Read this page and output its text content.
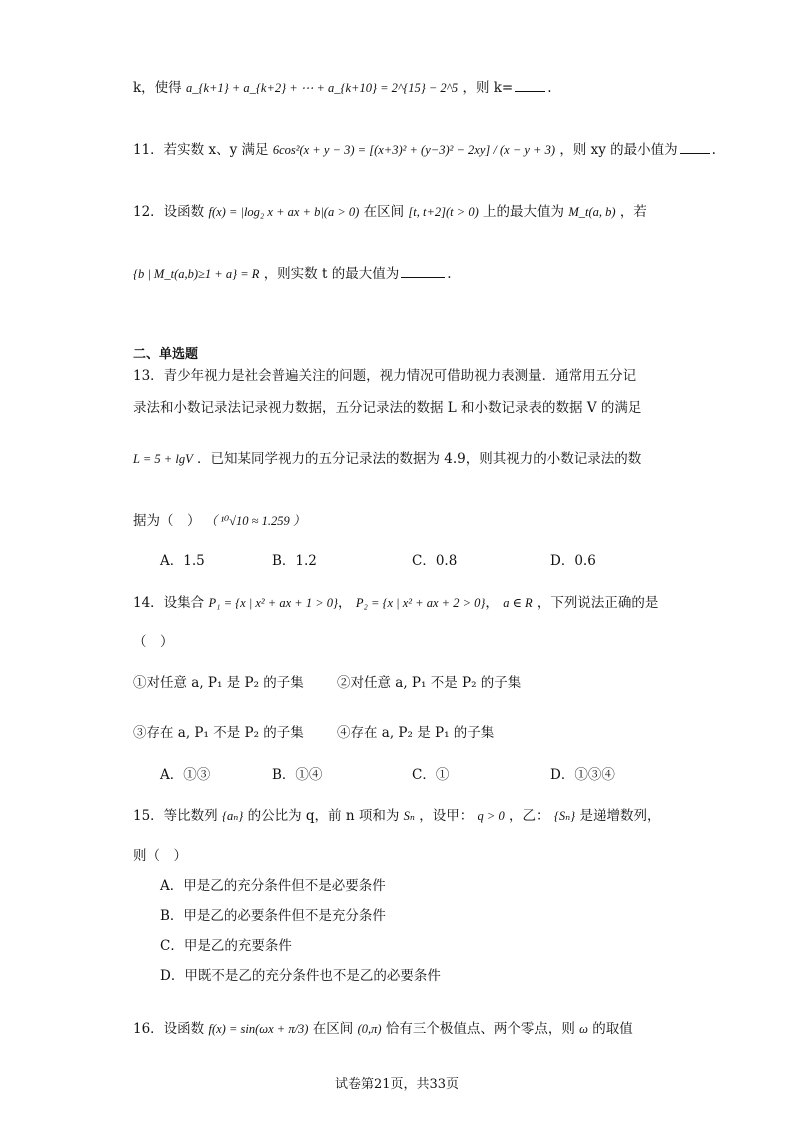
k，使得 a_{k+1} + a_{k+2} + ⋯ + a_{k+10} = 2^{15} − 2^5 ，则 k=	.
11．若实数 x、y 满足 6cos²(x + y − 3) = [(x+3)² + (y−3)² − 2xy] / (x − y + 3) ，则 xy 的最小值为	.
12．设函数 f(x) = |log₂ x + ax + b|(a > 0) 在区间 [t, t+2](t > 0) 上的最大值为 M_t(a, b) ，若
{b | M_t(a,b)≥1 + a} = R ，则实数 t 的最大值为	.
二、单选题
13．青少年视力是社会普遍关注的问题，视力情况可借助视力表测量．通常用五分记
录法和小数记录法记录视力数据，五分记录法的数据 L 和小数记录表的数据 V 的满足
L = 5 + lgV ．已知某同学视力的五分记录法的数据为 4.9，则其视力的小数记录法的数
据为（　） （ ¹⁰√10 ≈ 1.259 ）
A．1.5	B．1.2	C．0.8	D．0.6
14．设集合 P₁ = {x | x² + ax + 1 > 0}， P₂ = {x | x² + ax + 2 > 0}， a ∈ R ，下列说法正确的是
（　）
①对任意 a, P₁ 是 P₂ 的子集 ②对任意 a, P₁ 不是 P₂ 的子集
③存在 a, P₁ 不是 P₂ 的子集 ④存在 a, P₂ 是 P₁ 的子集
A．①③	B．①④	C．①	D．①③④
15．等比数列 {aₙ} 的公比为 q，前 n 项和为 Sₙ ，设甲： q > 0 ，乙： {Sₙ} 是递增数列，
则（　）
A．甲是乙的充分条件但不是必要条件
B．甲是乙的必要条件但不是充分条件
C．甲是乙的充要条件
D．甲既不是乙的充分条件也不是乙的必要条件
16．设函数 f(x) = sin(ωx + π/3) 在区间 (0,π) 恰有三个极值点、两个零点，则 ω 的取值
试卷第21页，共33页
